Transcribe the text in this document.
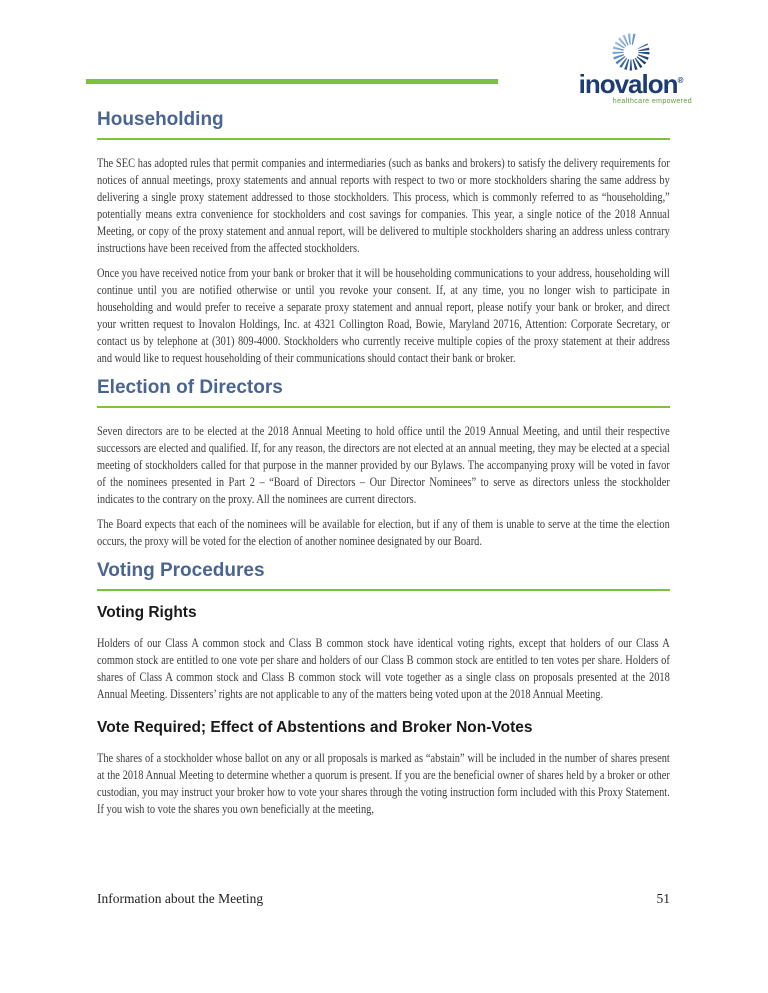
inovalon®
healthcare empowered
Householding

The SEC has adopted rules that permit companies and intermediaries (such as banks and brokers) to satisfy the delivery requirements for notices of annual meetings, proxy statements and annual reports with respect to two or more stockholders sharing the same address by delivering a single proxy statement addressed to those stockholders. This process, which is commonly referred to as “householding,” potentially means extra convenience for stockholders and cost savings for companies. This year, a single notice of the 2018 Annual Meeting, or copy of the proxy statement and annual report, will be delivered to multiple stockholders sharing an address unless contrary instructions have been received from the affected stockholders.

Once you have received notice from your bank or broker that it will be householding communications to your address, householding will continue until you are notified otherwise or until you revoke your consent. If, at any time, you no longer wish to participate in householding and would prefer to receive a separate proxy statement and annual report, please notify your bank or broker, and direct your written request to Inovalon Holdings, Inc. at 4321 Collington Road, Bowie, Maryland 20716, Attention: Corporate Secretary, or contact us by telephone at (301) 809-4000. Stockholders who currently receive multiple copies of the proxy statement at their address and would like to request householding of their communications should contact their bank or broker.

Election of Directors

Seven directors are to be elected at the 2018 Annual Meeting to hold office until the 2019 Annual Meeting, and until their respective successors are elected and qualified. If, for any reason, the directors are not elected at an annual meeting, they may be elected at a special meeting of stockholders called for that purpose in the manner provided by our Bylaws. The accompanying proxy will be voted in favor of the nominees presented in Part 2 – “Board of Directors – Our Director Nominees” to serve as directors unless the stockholder indicates to the contrary on the proxy. All the nominees are current directors.

The Board expects that each of the nominees will be available for election, but if any of them is unable to serve at the time the election occurs, the proxy will be voted for the election of another nominee designated by our Board.

Voting Procedures
Voting Rights

Holders of our Class A common stock and Class B common stock have identical voting rights, except that holders of our Class A common stock are entitled to one vote per share and holders of our Class B common stock are entitled to ten votes per share. Holders of shares of Class A common stock and Class B common stock will vote together as a single class on proposals presented at the 2018 Annual Meeting. Dissenters’ rights are not applicable to any of the matters being voted upon at the 2018 Annual Meeting.

Vote Required; Effect of Abstentions and Broker Non-Votes

The shares of a stockholder whose ballot on any or all proposals is marked as “abstain” will be included in the number of shares present at the 2018 Annual Meeting to determine whether a quorum is present. If you are the beneficial owner of shares held by a broker or other custodian, you may instruct your broker how to vote your shares through the voting instruction form included with this Proxy Statement. If you wish to vote the shares you own beneficially at the meeting,

Information about the Meeting	51
